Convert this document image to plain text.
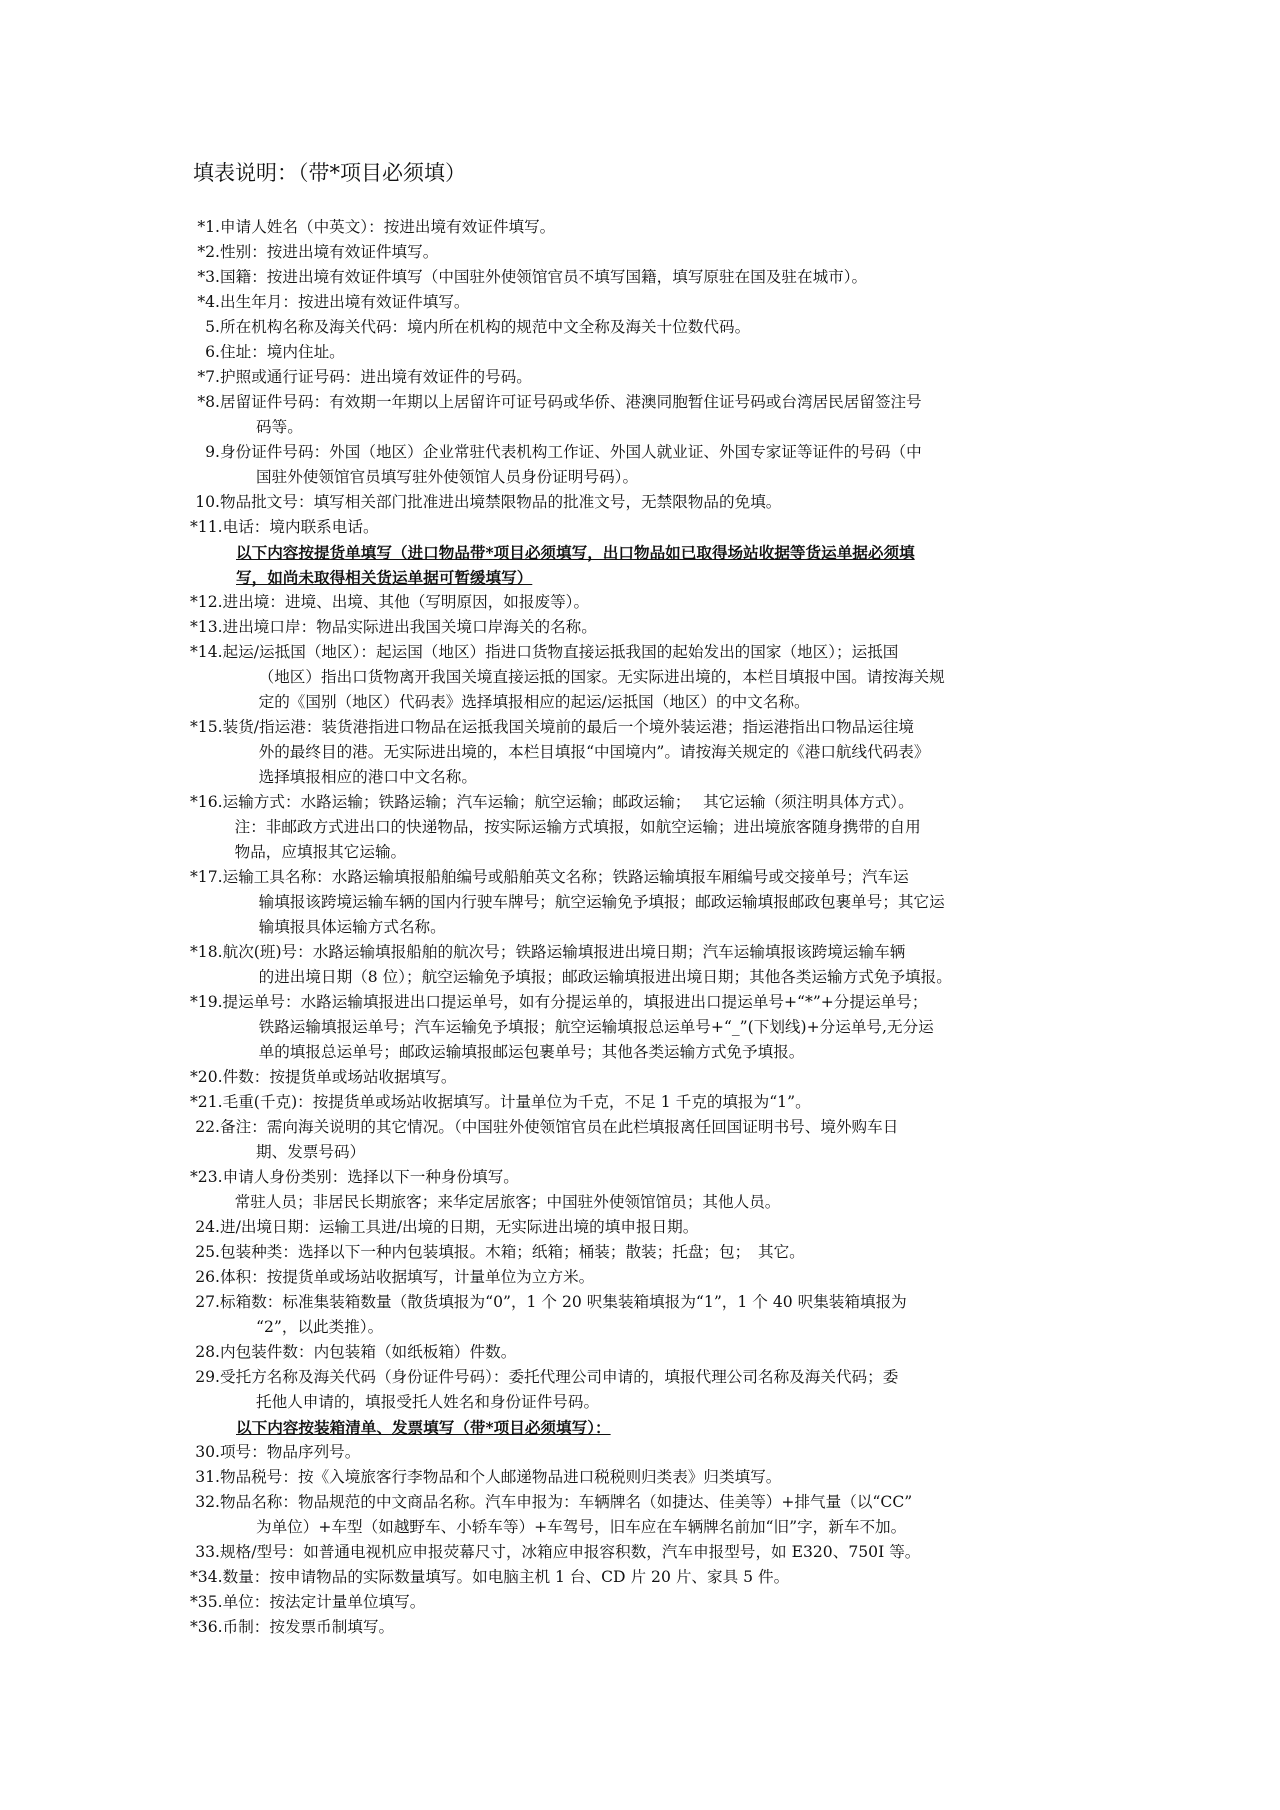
填表说明：（带*项目必须填）
*1. 申请人姓名（中英文）：按进出境有效证件填写。
*2. 性别：按进出境有效证件填写。
*3. 国籍：按进出境有效证件填写（中国驻外使领馆官员不填写国籍，填写原驻在国及驻在城市）。
*4. 出生年月：按进出境有效证件填写。
5. 所在机构名称及海关代码：境内所在机构的规范中文全称及海关十位数代码。
6. 住址：境内住址。
*7. 护照或通行证号码：进出境有效证件的号码。
*8. 居留证件号码：有效期一年期以上居留许可证号码或华侨、港澳同胞暂住证号码或台湾居民居留签注号
码等。
9. 身份证件号码：外国（地区）企业常驻代表机构工作证、外国人就业证、外国专家证等证件的号码（中
国驻外使领馆官员填写驻外使领馆人员身份证明号码）。
10. 物品批文号：填写相关部门批准进出境禁限物品的批准文号，无禁限物品的免填。
*11. 电话：境内联系电话。
以下内容按提货单填写（进口物品带*项目必须填写，出口物品如已取得场站收据等货运单据必须填
写，如尚未取得相关货运单据可暂缓填写）
*12. 进出境：进境、出境、其他（写明原因，如报废等）。
*13. 进出境口岸：物品实际进出我国关境口岸海关的名称。
*14. 起运/运抵国（地区）：起运国（地区）指进口货物直接运抵我国的起始发出的国家（地区）；运抵国
（地区）指出口货物离开我国关境直接运抵的国家。无实际进出境的，本栏目填报中国。请按海关规
定的《国别（地区）代码表》选择填报相应的起运/运抵国（地区）的中文名称。
*15. 装货/指运港：装货港指进口物品在运抵我国关境前的最后一个境外装运港；指运港指出口物品运往境
外的最终目的港。无实际进出境的，本栏目填报“中国境内”。请按海关规定的《港口航线代码表》
选择填报相应的港口中文名称。
*16. 运输方式：水路运输；铁路运输；汽车运输；航空运输；邮政运输；　 其它运输（须注明具体方式）。
注：非邮政方式进出口的快递物品，按实际运输方式填报，如航空运输；进出境旅客随身携带的自用
物品，应填报其它运输。
*17. 运输工具名称：水路运输填报船舶编号或船舶英文名称；铁路运输填报车厢编号或交接单号；汽车运
输填报该跨境运输车辆的国内行驶车牌号；航空运输免予填报；邮政运输填报邮政包裹单号；其它运
输填报具体运输方式名称。
*18. 航次(班)号：水路运输填报船舶的航次号；铁路运输填报进出境日期；汽车运输填报该跨境运输车辆
的进出境日期（8 位）；航空运输免予填报；邮政运输填报进出境日期；其他各类运输方式免予填报。
*19. 提运单号：水路运输填报进出口提运单号，如有分提运单的，填报进出口提运单号+“*”+分提运单号；
铁路运输填报运单号；汽车运输免予填报；航空运输填报总运单号+“_”(下划线)+分运单号,无分运
单的填报总运单号；邮政运输填报邮运包裹单号；其他各类运输方式免予填报。
*20. 件数：按提货单或场站收据填写。
*21. 毛重(千克)：按提货单或场站收据填写。计量单位为千克，不足 1 千克的填报为“1”。
22. 备注：需向海关说明的其它情况。（中国驻外使领馆官员在此栏填报离任回国证明书号、境外购车日
期、发票号码）
*23. 申请人身份类别：选择以下一种身份填写。
常驻人员；非居民长期旅客；来华定居旅客；中国驻外使领馆馆员；其他人员。
24. 进/出境日期：运输工具进/出境的日期，无实际进出境的填申报日期。
25. 包装种类：选择以下一种内包装填报。木箱；纸箱；桶装；散装；托盘；包；　其它。
26. 体积：按提货单或场站收据填写，计量单位为立方米。
27. 标箱数：标准集装箱数量（散货填报为“0”，1 个 20 呎集装箱填报为“1”，1 个 40 呎集装箱填报为
“2”，以此类推）。
28. 内包装件数：内包装箱（如纸板箱）件数。
29. 受托方名称及海关代码（身份证件号码）：委托代理公司申请的，填报代理公司名称及海关代码；委
托他人申请的，填报受托人姓名和身份证件号码。
以下内容按装箱清单、发票填写（带*项目必须填写）：
30. 项号：物品序列号。
31. 物品税号：按《入境旅客行李物品和个人邮递物品进口税税则归类表》归类填写。
32. 物品名称：物品规范的中文商品名称。汽车申报为：车辆牌名（如捷达、佳美等）+排气量（以“CC”
为单位）+车型（如越野车、小轿车等）+车驾号，旧车应在车辆牌名前加“旧”字，新车不加。
33. 规格/型号：如普通电视机应申报荧幕尺寸，冰箱应申报容积数，汽车申报型号，如 E320、750I 等。
*34. 数量：按申请物品的实际数量填写。如电脑主机 1 台、CD 片 20 片、家具 5 件。
*35. 单位：按法定计量单位填写。
*36. 币制：按发票币制填写。
